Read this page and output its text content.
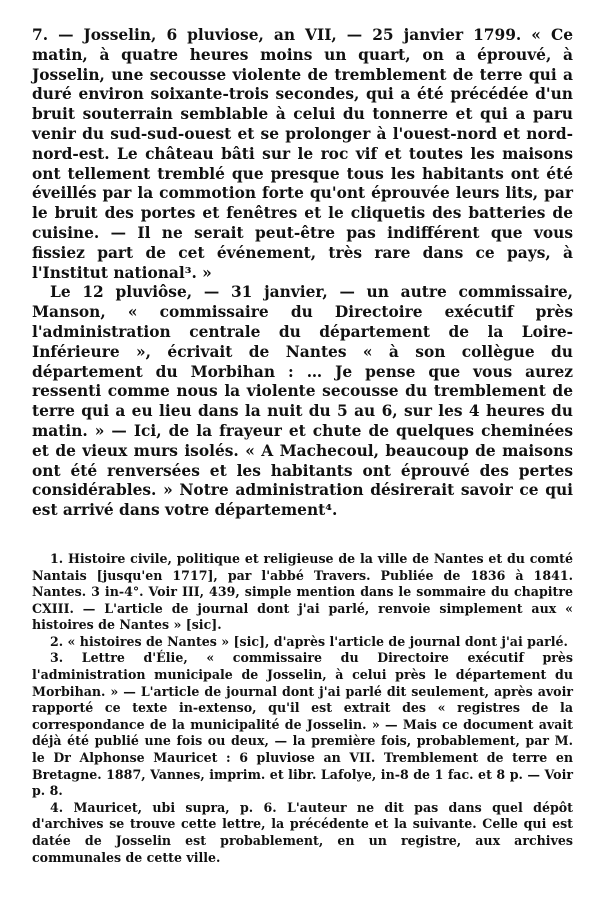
7. — Josselin, 6 pluviose, an VII, — 25 janvier 1799. « Ce matin, à quatre heures moins un quart, on a éprouvé, à Josselin, une secousse violente de tremblement de terre qui a duré environ soixante-trois secondes, qui a été précédée d'un bruit souterrain semblable à celui du tonnerre et qui a paru venir du sud-sud-ouest et se prolonger à l'ouest-nord et nord-nord-est. Le château bâti sur le roc vif et toutes les maisons ont tellement tremblé que presque tous les habitants ont été éveillés par la commotion forte qu'ont éprouvée leurs lits, par le bruit des portes et fenêtres et le cliquetis des batteries de cuisine. — Il ne serait peut-être pas indifférent que vous fissiez part de cet événement, très rare dans ce pays, à l'Institut national³. »

Le 12 pluviôse, — 31 janvier, — un autre commissaire, Manson, « commissaire du Directoire exécutif près l'administration centrale du département de la Loire-Inférieure », écrivait de Nantes « à son collègue du département du Morbihan : … Je pense que vous aurez ressenti comme nous la violente secousse du tremblement de terre qui a eu lieu dans la nuit du 5 au 6, sur les 4 heures du matin. » — Ici, de la frayeur et chute de quelques cheminées et de vieux murs isolés. « A Machecoul, beaucoup de maisons ont été renversées et les habitants ont éprouvé des pertes considérables. » Notre administration désirerait savoir ce qui est arrivé dans votre département⁴.

1. Histoire civile, politique et religieuse de la ville de Nantes et du comté Nantais [jusqu'en 1717], par l'abbé Travers. Publiée de 1836 à 1841. Nantes. 3 in-4°. Voir III, 439, simple mention dans le sommaire du chapitre CXIII. — L'article de journal dont j'ai parlé, renvoie simplement aux « histoires de Nantes » [sic].

2. « histoires de Nantes » [sic], d'après l'article de journal dont j'ai parlé.

3. Lettre d'Élie, « commissaire du Directoire exécutif près l'administration municipale de Josselin, à celui près le département du Morbihan. » — L'article de journal dont j'ai parlé dit seulement, après avoir rapporté ce texte in-extenso, qu'il est extrait des « registres de la correspondance de la municipalité de Josselin. » — Mais ce document avait déjà été publié une fois ou deux, — la première fois, probablement, par M. le Dr Alphonse Mauricet : 6 pluviose an VII. Tremblement de terre en Bretagne. 1887, Vannes, imprim. et libr. Lafolye, in-8 de 1 fac. et 8 p. — Voir p. 8.

4. Mauricet, ubi supra, p. 6. L'auteur ne dit pas dans quel dépôt d'archives se trouve cette lettre, la précédente et la suivante. Celle qui est datée de Josselin est probablement, en un registre, aux archives communales de cette ville.
